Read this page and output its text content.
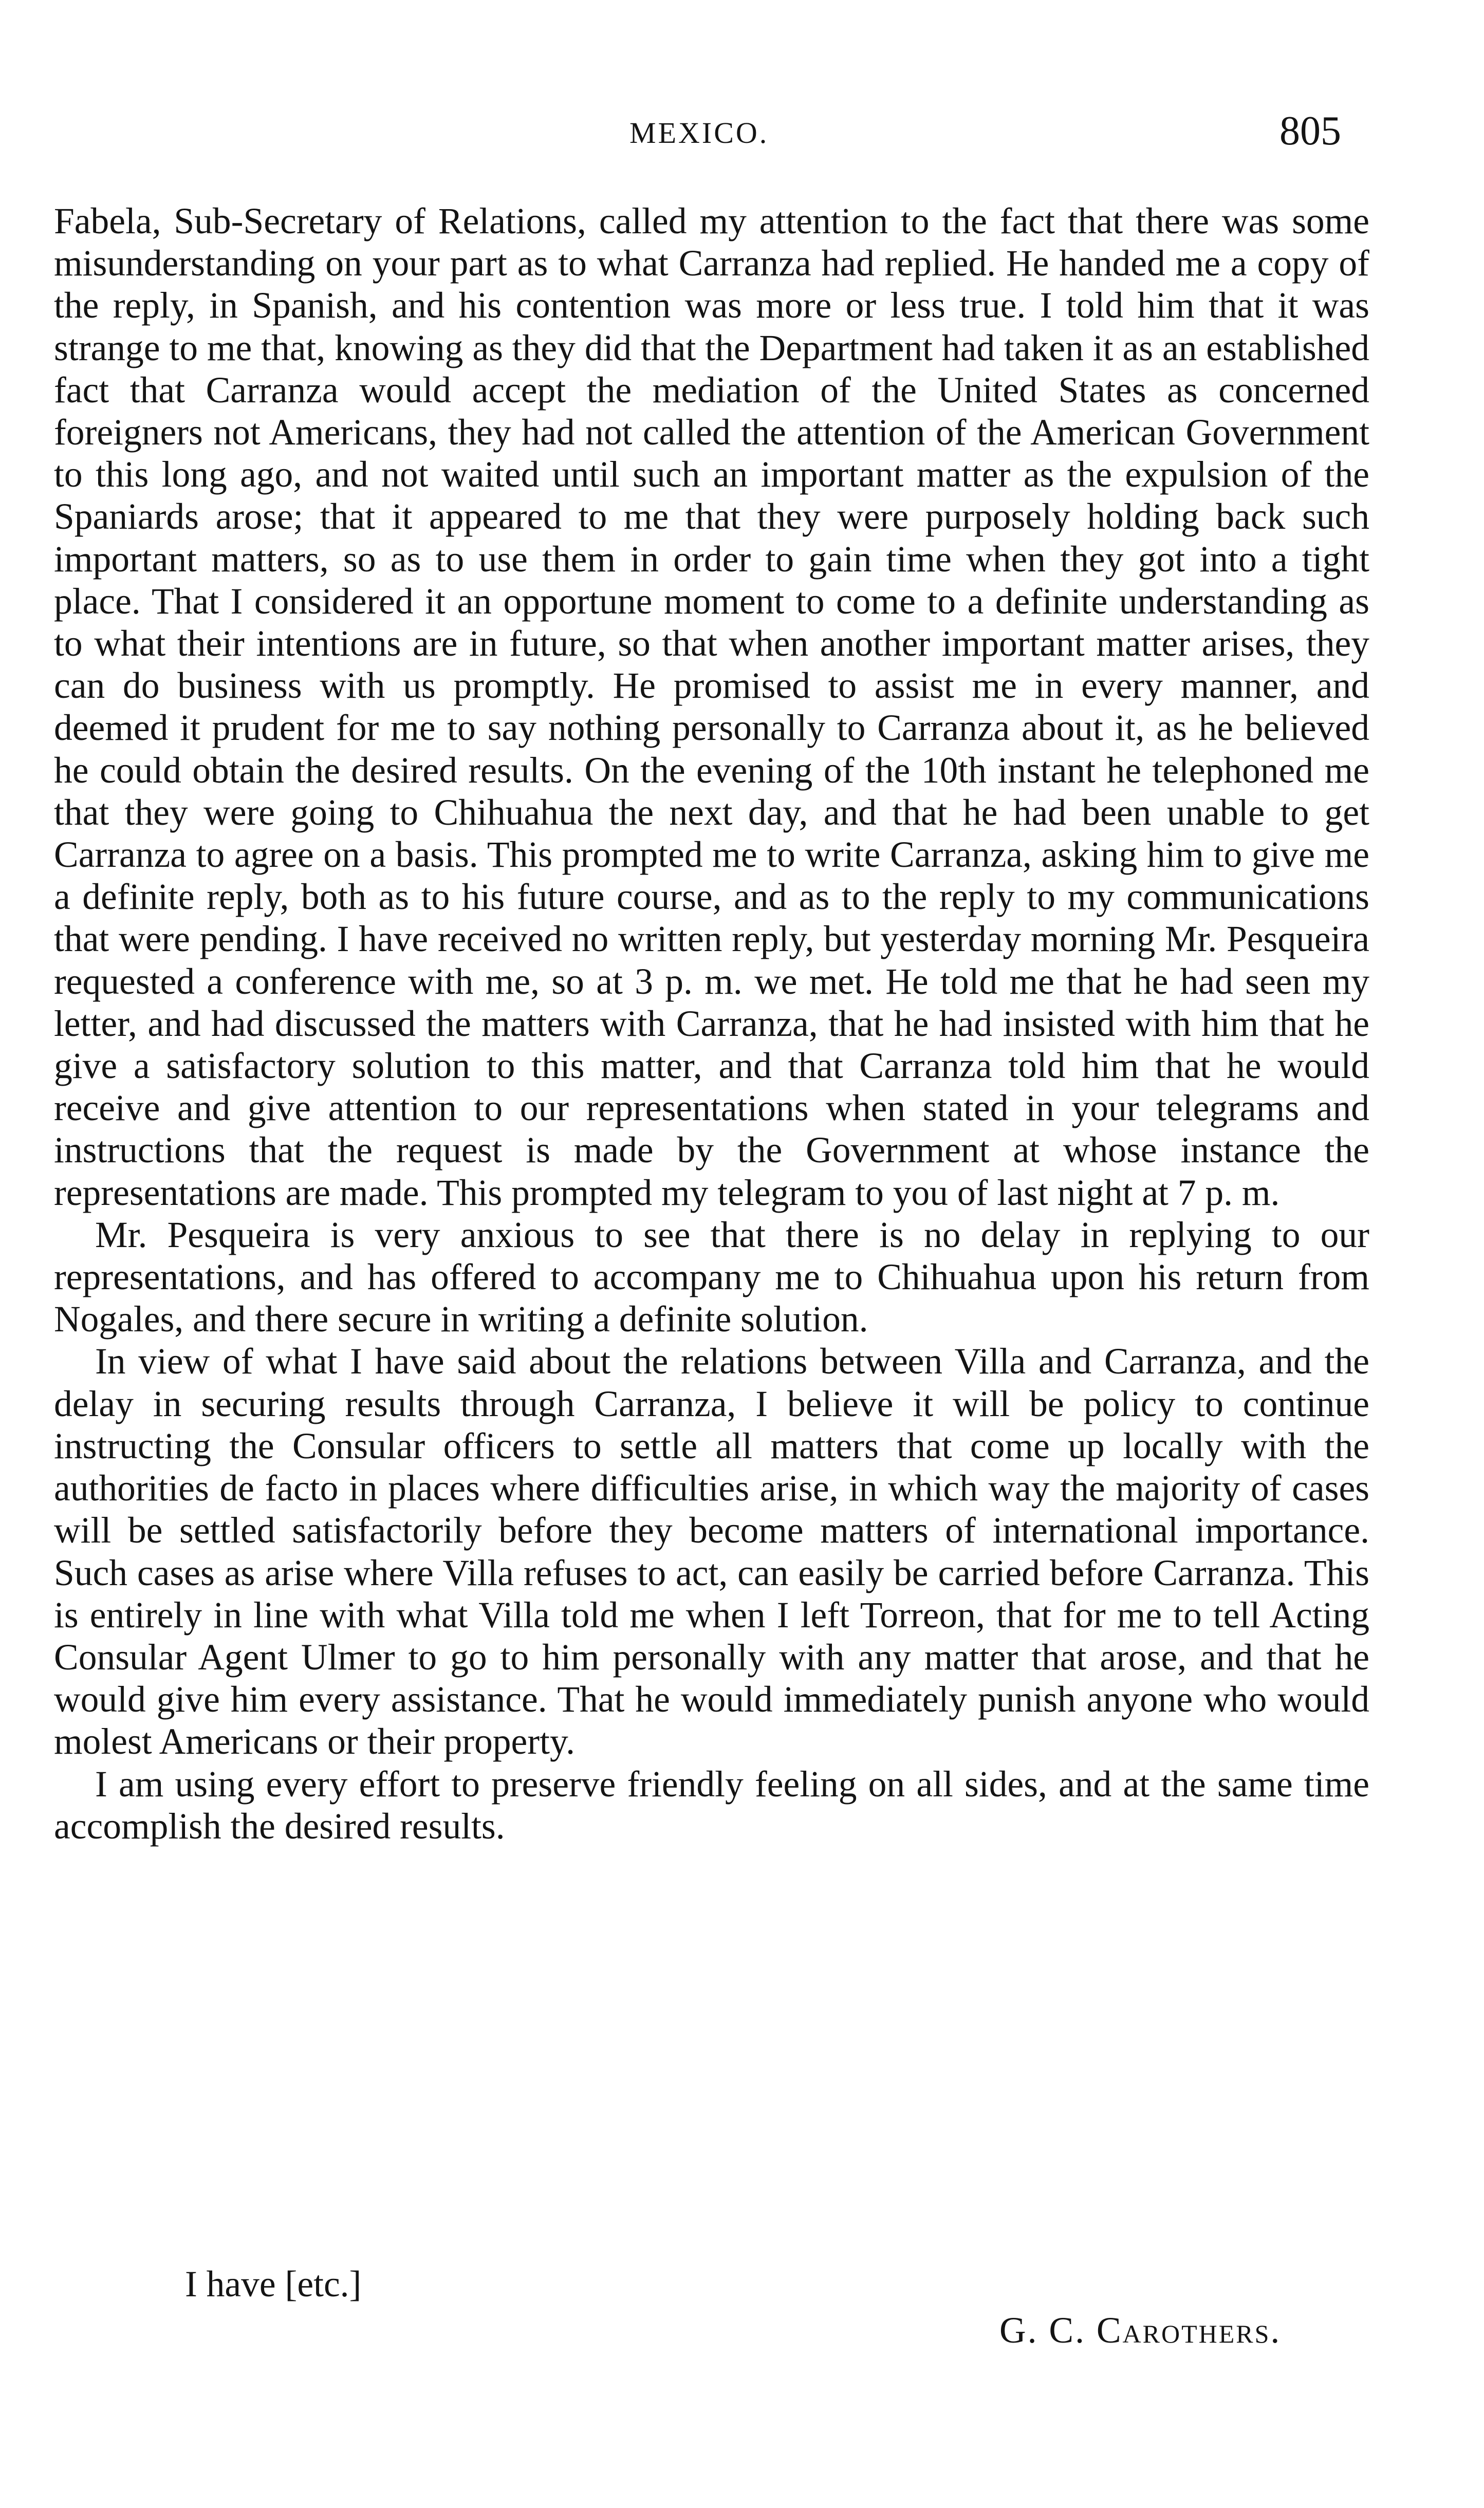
MEXICO.	805

Fabela, Sub-Secretary of Relations, called my attention to the fact that there was some misunderstanding on your part as to what Carranza had replied. He handed me a copy of the reply, in Spanish, and his contention was more or less true. I told him that it was strange to me that, knowing as they did that the Department had taken it as an established fact that Carranza would accept the mediation of the United States as concerned foreigners not Americans, they had not called the attention of the American Government to this long ago, and not waited until such an important matter as the expulsion of the Spaniards arose; that it appeared to me that they were purposely holding back such important matters, so as to use them in order to gain time when they got into a tight place. That I considered it an opportune moment to come to a definite understanding as to what their intentions are in future, so that when another important matter arises, they can do business with us promptly. He promised to assist me in every manner, and deemed it prudent for me to say nothing personally to Carranza about it, as he believed he could obtain the desired results. On the evening of the 10th instant he telephoned me that they were going to Chihuahua the next day, and that he had been unable to get Carranza to agree on a basis. This prompted me to write Carranza, asking him to give me a definite reply, both as to his future course, and as to the reply to my communications that were pending. I have received no written reply, but yesterday morning Mr. Pesqueira requested a conference with me, so at 3 p. m. we met. He told me that he had seen my letter, and had discussed the matters with Carranza, that he had insisted with him that he give a satisfactory solution to this matter, and that Carranza told him that he would receive and give attention to our representations when stated in your telegrams and instructions that the request is made by the Government at whose instance the representations are made. This prompted my telegram to you of last night at 7 p. m.

Mr. Pesqueira is very anxious to see that there is no delay in replying to our representations, and has offered to accompany me to Chihuahua upon his return from Nogales, and there secure in writing a definite solution.

In view of what I have said about the relations between Villa and Carranza, and the delay in securing results through Carranza, I believe it will be policy to continue instructing the Consular officers to settle all matters that come up locally with the authorities de facto in places where difficulties arise, in which way the majority of cases will be settled satisfactorily before they become matters of international importance. Such cases as arise where Villa refuses to act, can easily be carried before Carranza. This is entirely in line with what Villa told me when I left Torreon, that for me to tell Acting Consular Agent Ulmer to go to him personally with any matter that arose, and that he would give him every assistance. That he would immediately punish anyone who would molest Americans or their property.

I am using every effort to preserve friendly feeling on all sides, and at the same time accomplish the desired results.

I have [etc.]
G. C. Carothers.
